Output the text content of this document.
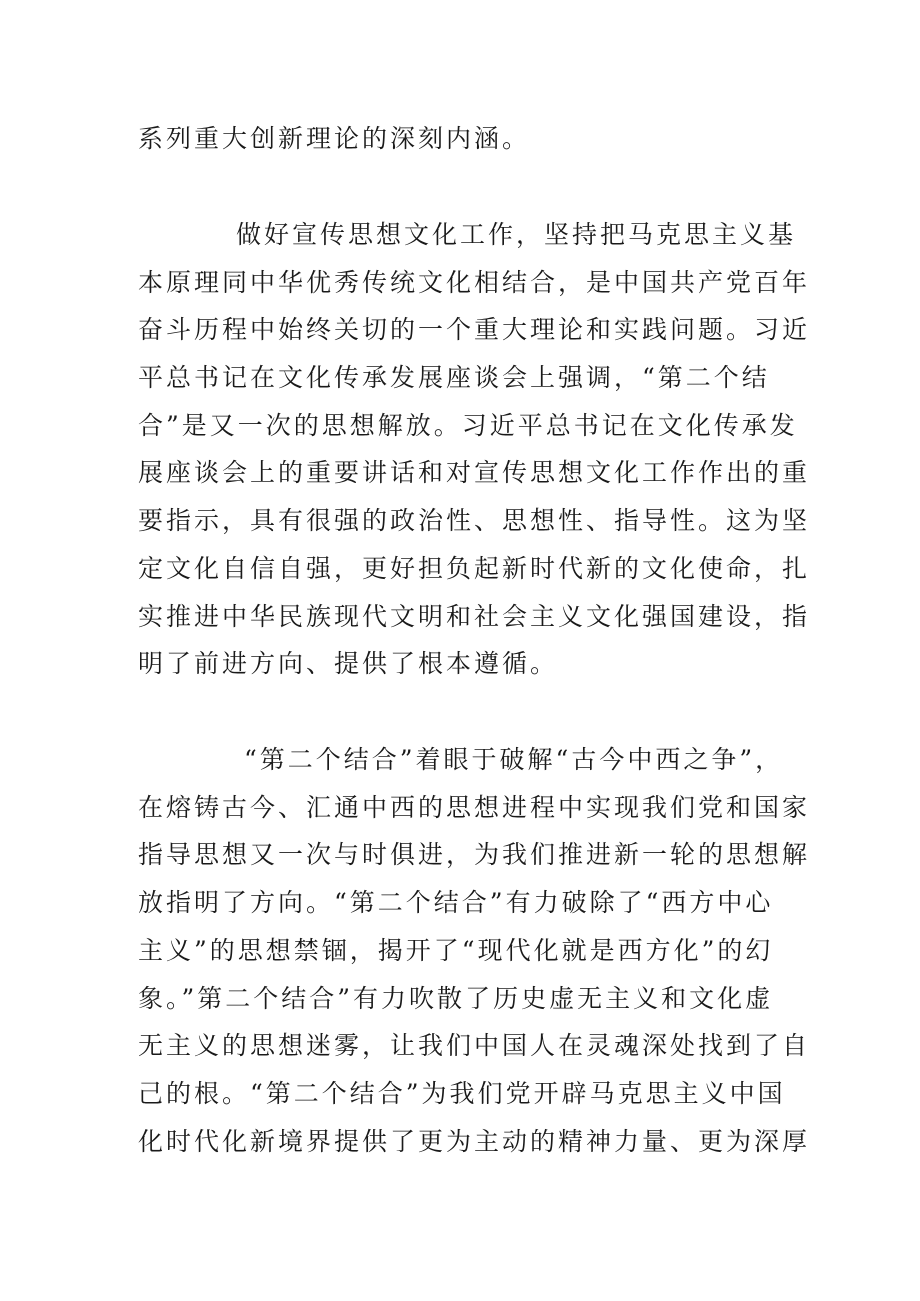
系列重大创新理论的深刻内涵。

做好宣传思想文化工作，坚持把马克思主义基

本原理同中华优秀传统文化相结合，是中国共产党百年

奋斗历程中始终关切的一个重大理论和实践问题。习近

平总书记在文化传承发展座谈会上强调，“第二个结

合”是又一次的思想解放。习近平总书记在文化传承发

展座谈会上的重要讲话和对宣传思想文化工作作出的重

要指示，具有很强的政治性、思想性、指导性。这为坚

定文化自信自强，更好担负起新时代新的文化使命，扎

实推进中华民族现代文明和社会主义文化强国建设，指

明了前进方向、提供了根本遵循。

“第二个结合”着眼于破解“古今中西之争”，

在熔铸古今、汇通中西的思想进程中实现我们党和国家

指导思想又一次与时俱进，为我们推进新一轮的思想解

放指明了方向。“第二个结合”有力破除了“西方中心

主义”的思想禁锢，揭开了“现代化就是西方化”的幻

象。”第二个结合”有力吹散了历史虚无主义和文化虚

无主义的思想迷雾，让我们中国人在灵魂深处找到了自

己的根。“第二个结合”为我们党开辟马克思主义中国

化时代化新境界提供了更为主动的精神力量、更为深厚
